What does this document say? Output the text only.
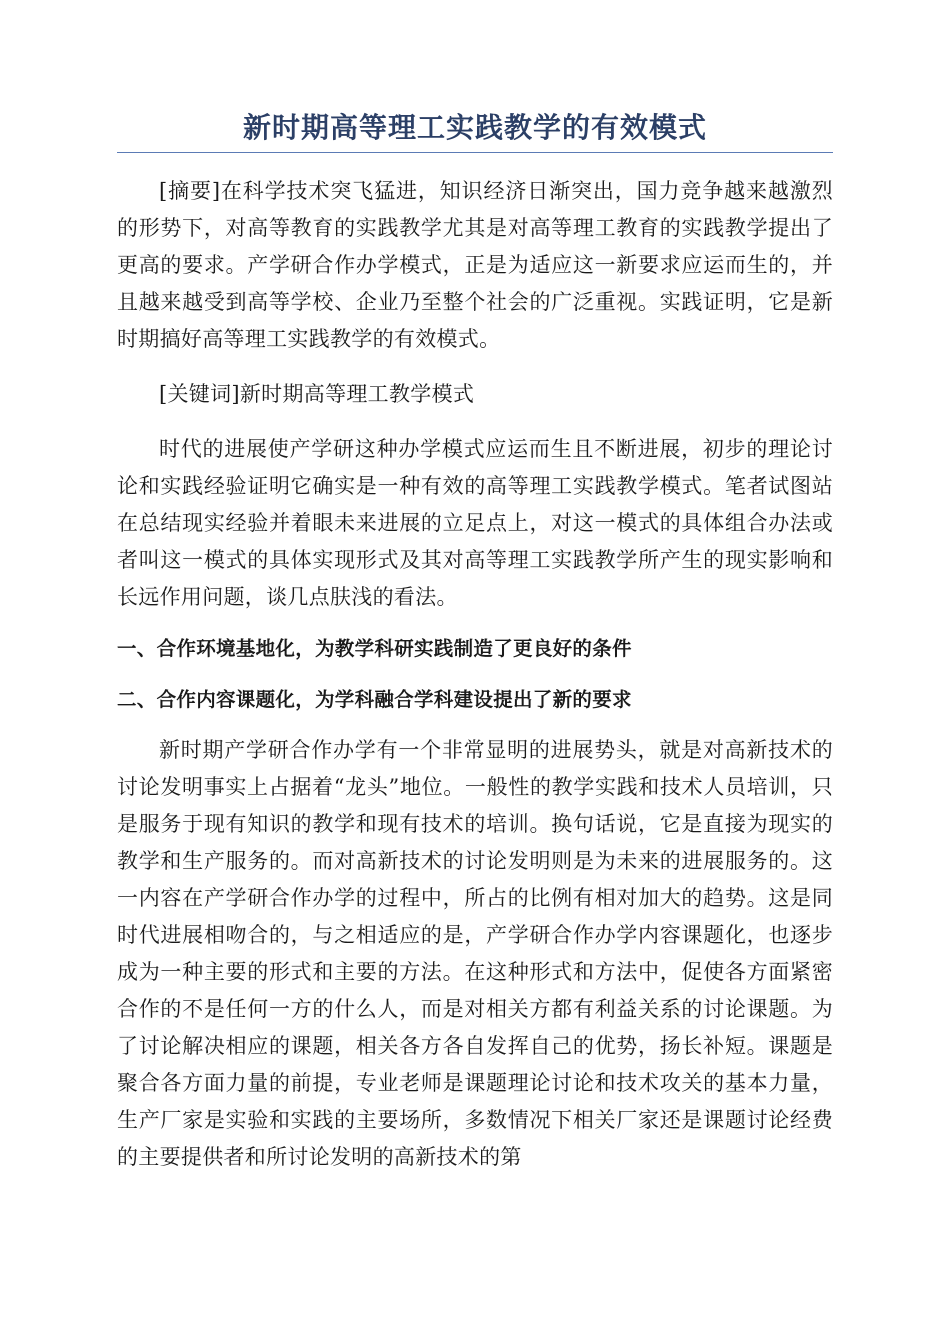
新时期高等理工实践教学的有效模式

[摘要]在科学技术突飞猛进，知识经济日渐突出，国力竞争越来越激烈的形势下，对高等教育的实践教学尤其是对高等理工教育的实践教学提出了更高的要求。产学研合作办学模式，正是为适应这一新要求应运而生的，并且越来越受到高等学校、企业乃至整个社会的广泛重视。实践证明，它是新时期搞好高等理工实践教学的有效模式。

[关键词]新时期高等理工教学模式

时代的进展使产学研这种办学模式应运而生且不断进展，初步的理论讨论和实践经验证明它确实是一种有效的高等理工实践教学模式。笔者试图站在总结现实经验并着眼未来进展的立足点上，对这一模式的具体组合办法或者叫这一模式的具体实现形式及其对高等理工实践教学所产生的现实影响和长远作用问题，谈几点肤浅的看法。

一、合作环境基地化，为教学科研实践制造了更良好的条件

二、合作内容课题化，为学科融合学科建设提出了新的要求

新时期产学研合作办学有一个非常显明的进展势头，就是对高新技术的讨论发明事实上占据着“龙头”地位。一般性的教学实践和技术人员培训，只是服务于现有知识的教学和现有技术的培训。换句话说，它是直接为现实的教学和生产服务的。而对高新技术的讨论发明则是为未来的进展服务的。这一内容在产学研合作办学的过程中，所占的比例有相对加大的趋势。这是同时代进展相吻合的，与之相适应的是，产学研合作办学内容课题化，也逐步成为一种主要的形式和主要的方法。在这种形式和方法中，促使各方面紧密合作的不是任何一方的什么人，而是对相关方都有利益关系的讨论课题。为了讨论解决相应的课题，相关各方各自发挥自己的优势，扬长补短。课题是聚合各方面力量的前提，专业老师是课题理论讨论和技术攻关的基本力量，生产厂家是实验和实践的主要场所，多数情况下相关厂家还是课题讨论经费的主要提供者和所讨论发明的高新技术的第
